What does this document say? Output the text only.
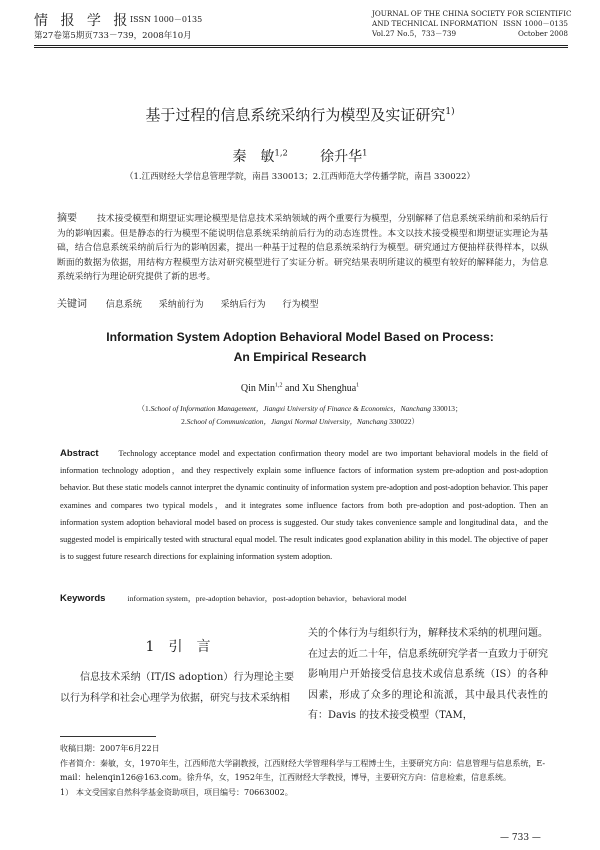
情 报 学 报
ISSN 1000－0135
第27卷第5期页733－739，2008年10月
JOURNAL OF THE CHINA SOCIETY FOR SCIENTIFIC
AND TECHNICAL INFORMATION ISSN 1000－0135
Vol.27 No.5，733－739	October 2008
基于过程的信息系统采纳行为模型及实证研究$^{1)}$
秦　敏$^{1,2}$ 徐升华$^1$
（1.江西财经大学信息管理学院，南昌 330013；2.江西师范大学传播学院，南昌 330022）
摘要 技术接受模型和期望证实理论模型是信息技术采纳领域的两个重要行为模型，分别解释了信息系统采纳前和采纳后行为的影响因素。但是静态的行为模型不能说明信息系统采纳前后行为的动态连贯性。本文以技术接受模型和期望证实理论为基础，结合信息系统采纳前后行为的影响因素，提出一种基于过程的信息系统采纳行为模型。研究通过方便抽样获得样本，以纵断面的数据为依据，用结构方程模型方法对研究模型进行了实证分析。研究结果表明所建议的模型有较好的解释能力，为信息系统采纳行为理论研究提供了新的思考。
关键词 信息系统 采纳前行为 采纳后行为 行为模型
Information System Adoption Behavioral Model Based on Process:
An Empirical Research
Qin Min$^{1,2}$ and Xu Shenghua$^1$
（1.School of Information Management，Jiangxi University of Finance & Economics，Nanchang 330013；
2.School of Communication，Jiangxi Normal University，Nanchang 330022）
Abstract Technology acceptance model and expectation confirmation theory model are two important behavioral models in the field of information technology adoption，and they respectively explain some influence factors of information system pre-adoption and post-adoption behavior. But these static models cannot interpret the dynamic continuity of information system pre-adoption and post-adoption behavior. This paper examines and compares two typical models，and it integrates some influence factors from both pre-adoption and post-adoption. Then an information system adoption behavioral model based on process is suggested. Our study takes convenience sample and longitudinal data，and the suggested model is empirically tested with structural equal model. The result indicates good explanation ability in this model. The objective of paper is to suggest future research directions for explaining information system adoption.
Keywords	information system，pre-adoption behavior，post-adoption behavior，behavioral model
1　引　言
信息技术采纳（IT/IS adoption）行为理论主要以行为科学和社会心理学为依据，研究与技术采纳相
关的个体行为与组织行为，解释技术采纳的机理问题。在过去的近二十年，信息系统研究学者一直致力于研究影响用户开始接受信息技术或信息系统（IS）的各种因素，形成了众多的理论和流派，其中最具代表性的有：Davis 的技术接受模型（TAM，

收稿日期：2007年6月22日

作者简介：秦敏，女，1970年生，江西师范大学副教授，江西财经大学管理科学与工程博士生，主要研究方向：信息管理与信息系统，E-mail：helenqin126@163.com。徐升华，女，1952年生，江西财经大学教授，博导，主要研究方向：信息检索，信息系统。

1） 本文受国家自然科学基金资助项目，项目编号：70663002。

— 733 —
